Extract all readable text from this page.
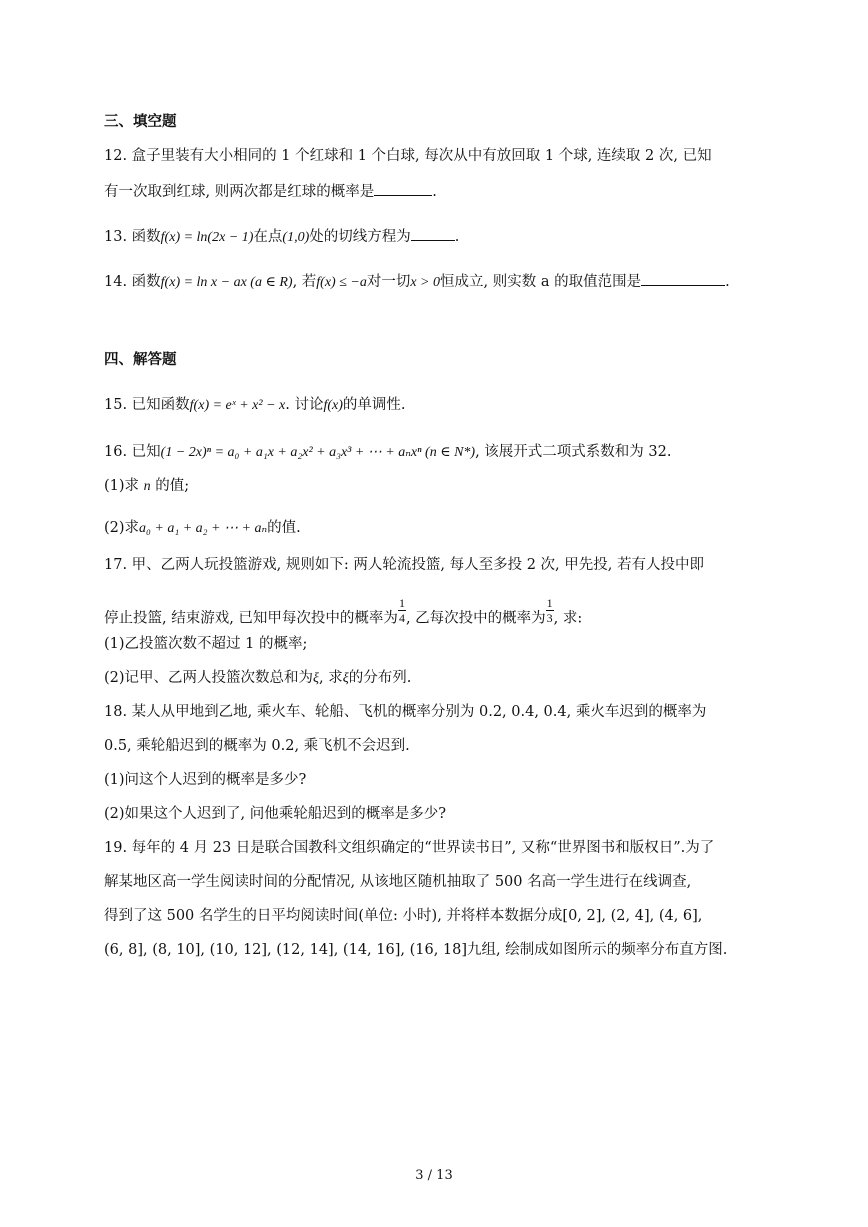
三、填空题
12. 盒子里装有大小相同的 1 个红球和 1 个白球, 每次从中有放回取 1 个球, 连续取 2 次, 已知
有一次取到红球, 则两次都是红球的概率是	.
13. 函数f(x) = ln(2x − 1)在点(1,0)处的切线方程为	.
14. 函数f(x) = ln x − ax (a ∈ R), 若f(x) ≤ −a对一切x > 0恒成立, 则实数 a 的取值范围是	.
四、解答题
15. 已知函数f(x) = eˣ + x² − x. 讨论f(x)的单调性.
16. 已知(1 − 2x)ⁿ = a₀ + a₁x + a₂x² + a₃x³ + ⋯ + aₙxⁿ (n ∈ N*), 该展开式二项式系数和为 32.
(1)求 n 的值;
(2)求a₀ + a₁ + a₂ + ⋯ + aₙ的值.
17. 甲、乙两人玩投篮游戏, 规则如下: 两人轮流投篮, 每人至多投 2 次, 甲先投, 若有人投中即
停止投篮, 结束游戏, 已知甲每次投中的概率为 $\frac{1}{4}$ , 乙每次投中的概率为 $\frac{1}{3}$ , 求:
(1)乙投篮次数不超过 1 的概率;
(2)记甲、乙两人投篮次数总和为ξ, 求ξ的分布列.
18. 某人从甲地到乙地, 乘火车、轮船、飞机的概率分别为 0.2, 0.4, 0.4, 乘火车迟到的概率为
0.5, 乘轮船迟到的概率为 0.2, 乘飞机不会迟到.
(1)问这个人迟到的概率是多少?
(2)如果这个人迟到了, 问他乘轮船迟到的概率是多少?
19. 每年的 4 月 23 日是联合国教科文组织确定的“世界读书日”, 又称“世界图书和版权日”.为了
解某地区高一学生阅读时间的分配情况, 从该地区随机抽取了 500 名高一学生进行在线调查,
得到了这 500 名学生的日平均阅读时间(单位: 小时), 并将样本数据分成[0, 2], (2, 4], (4, 6],
(6, 8], (8, 10], (10, 12], (12, 14], (14, 16], (16, 18]九组, 绘制成如图所示的频率分布直方图.
3 / 13
